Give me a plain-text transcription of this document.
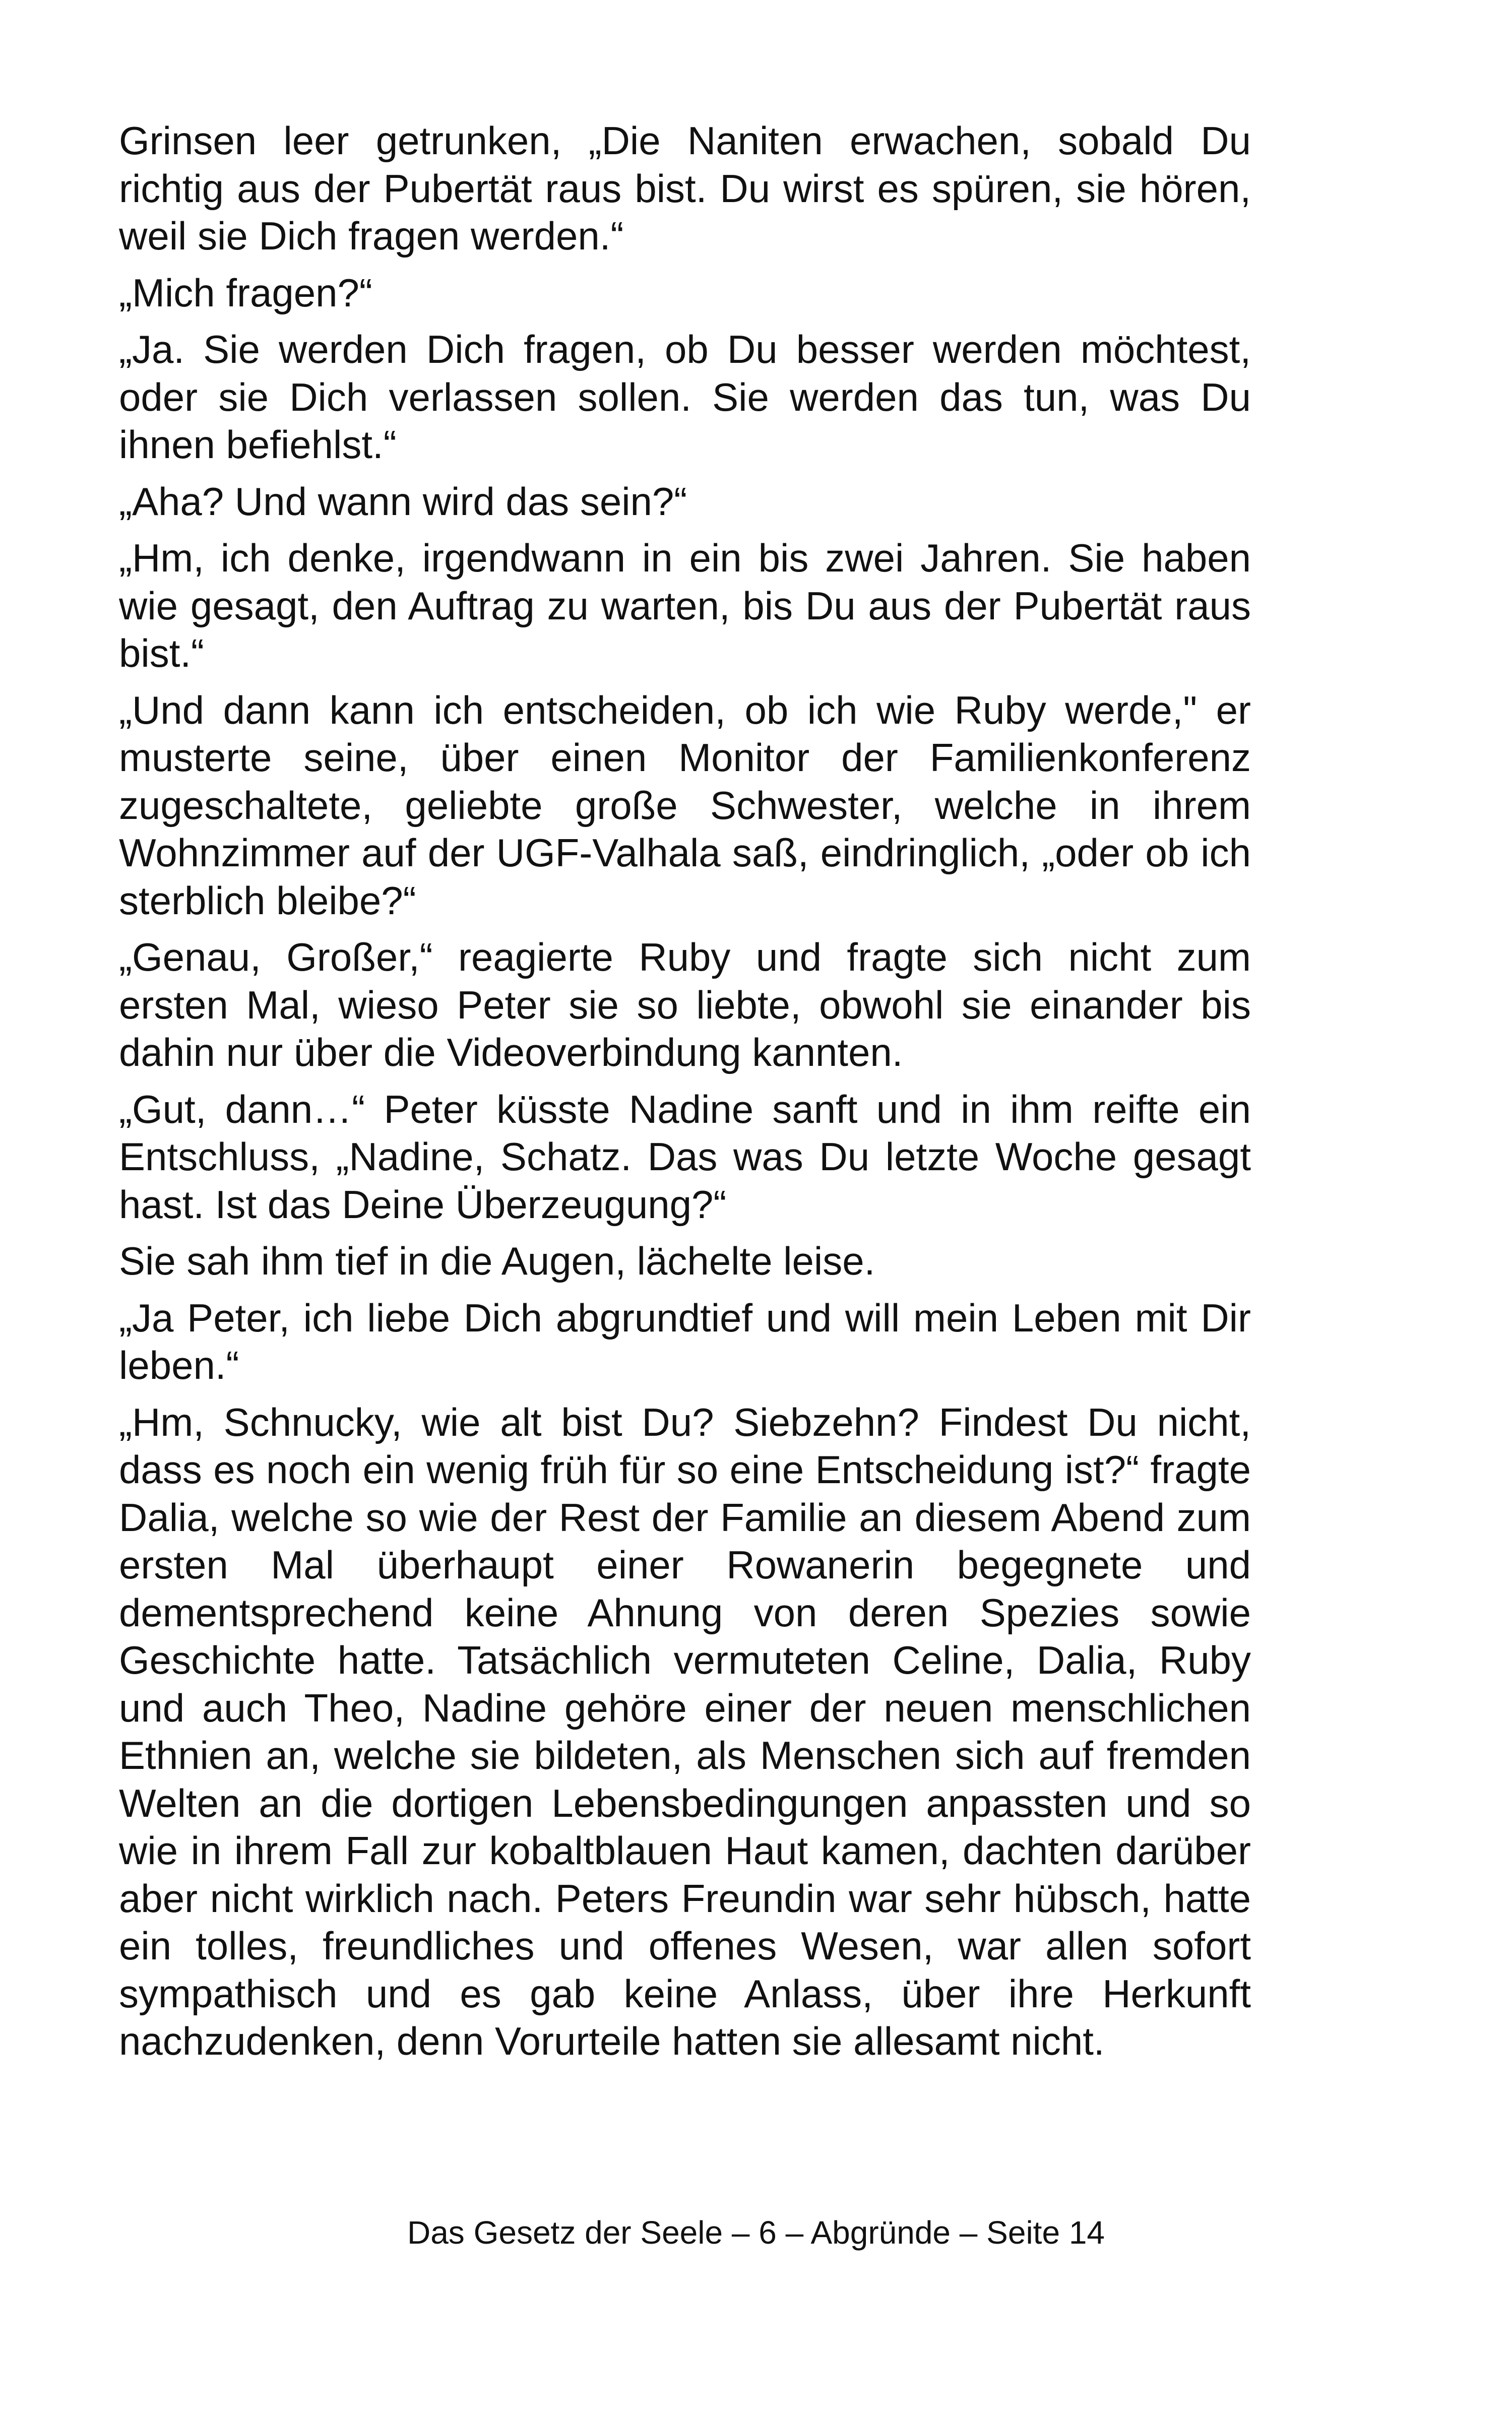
Grinsen leer getrunken, „Die Naniten erwachen, sobald Du richtig aus der Pubertät raus bist. Du wirst es spüren, sie hören, weil sie Dich fragen werden.“

„Mich fragen?“

„Ja. Sie werden Dich fragen, ob Du besser werden möchtest, oder sie Dich verlassen sollen. Sie werden das tun, was Du ihnen befiehlst.“

„Aha? Und wann wird das sein?“

„Hm, ich denke, irgendwann in ein bis zwei Jahren. Sie haben wie gesagt, den Auftrag zu warten, bis Du aus der Pubertät raus bist.“

„Und dann kann ich entscheiden, ob ich wie Ruby werde," er musterte seine, über einen Monitor der Familienkonferenz zugeschaltete, geliebte große Schwester, welche in ihrem Wohnzimmer auf der UGF-Valhala saß, eindringlich, „oder ob ich sterblich bleibe?“

„Genau, Großer,“ reagierte Ruby und fragte sich nicht zum ersten Mal, wieso Peter sie so liebte, obwohl sie einander bis dahin nur über die Videoverbindung kannten.

„Gut, dann…“ Peter küsste Nadine sanft und in ihm reifte ein Entschluss, „Nadine, Schatz. Das was Du letzte Woche gesagt hast. Ist das Deine Überzeugung?“

Sie sah ihm tief in die Augen, lächelte leise.

„Ja Peter, ich liebe Dich abgrundtief und will mein Leben mit Dir leben.“

„Hm, Schnucky, wie alt bist Du? Siebzehn? Findest Du nicht, dass es noch ein wenig früh für so eine Entscheidung ist?“ fragte Dalia, welche so wie der Rest der Familie an diesem Abend zum ersten Mal überhaupt einer Rowanerin begegnete und dementsprechend keine Ahnung von deren Spezies sowie Geschichte hatte. Tatsächlich vermuteten Celine, Dalia, Ruby und auch Theo, Nadine gehöre einer der neuen menschlichen Ethnien an, welche sie bildeten, als Menschen sich auf fremden Welten an die dortigen Lebensbedingungen anpassten und so wie in ihrem Fall zur kobaltblauen Haut kamen, dachten darüber aber nicht wirklich nach. Peters Freundin war sehr hübsch, hatte ein tolles, freundliches und offenes Wesen, war allen sofort sympathisch und es gab keine Anlass, über ihre Herkunft nachzudenken, denn Vorurteile hatten sie allesamt nicht.

Das Gesetz der Seele – 6 – Abgründe – Seite 14
